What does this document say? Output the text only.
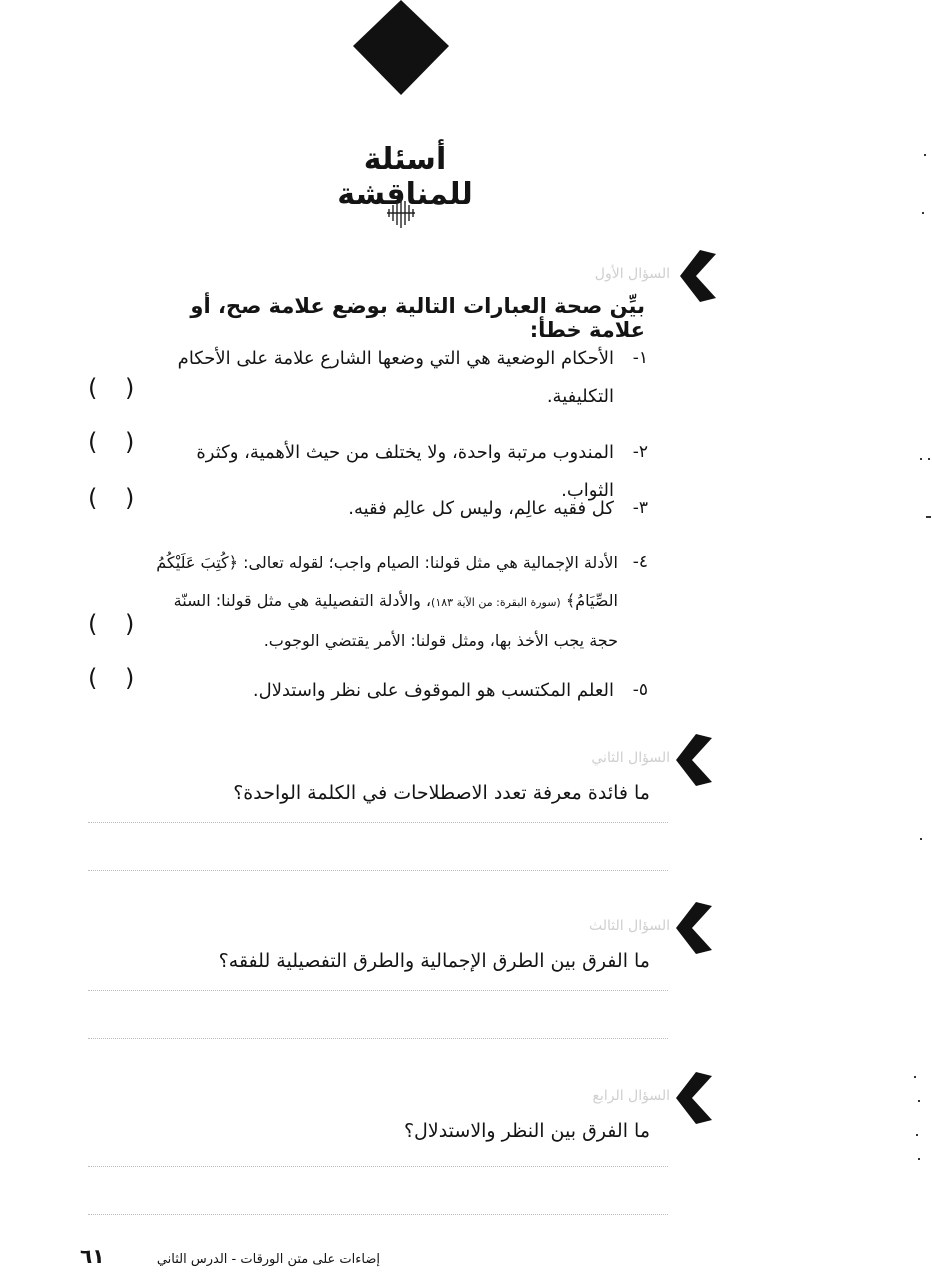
أسئلة للمناقشة
السؤال الأول
بيِّن صحة العبارات التالية بوضع علامة صح، أو علامة خطأ:
١-
الأحكام الوضعية هي التي وضعها الشارع علامة على الأحكام
التكليفية.
( )
٢-
المندوب مرتبة واحدة، ولا يختلف من حيث الأهمية، وكثرة الثواب.
( )
٣-
كل فقيه عالِم، وليس كل عالِم فقيه.
( )
٤-
الأدلة الإجمالية هي مثل قولنا: الصيام واجب؛ لقوله تعالى: ﴿كُتِبَ عَلَيْكُمُ
الصِّيَامُ﴾ (سورة البقرة: من الآية ١٨٣)، والأدلة التفصيلية هي مثل قولنا: السنّة
حجة يجب الأخذ بها، ومثل قولنا: الأمر يقتضي الوجوب.
( )
٥-
العلم المكتسب هو الموقوف على نظر واستدلال.
( )
السؤال الثاني
ما فائدة معرفة تعدد الاصطلاحات في الكلمة الواحدة؟
السؤال الثالث
ما الفرق بين الطرق الإجمالية والطرق التفصيلية للفقه؟
السؤال الرابع
ما الفرق بين النظر والاستدلال؟
٦١	إضاءات على متن الورقات - الدرس الثاني
